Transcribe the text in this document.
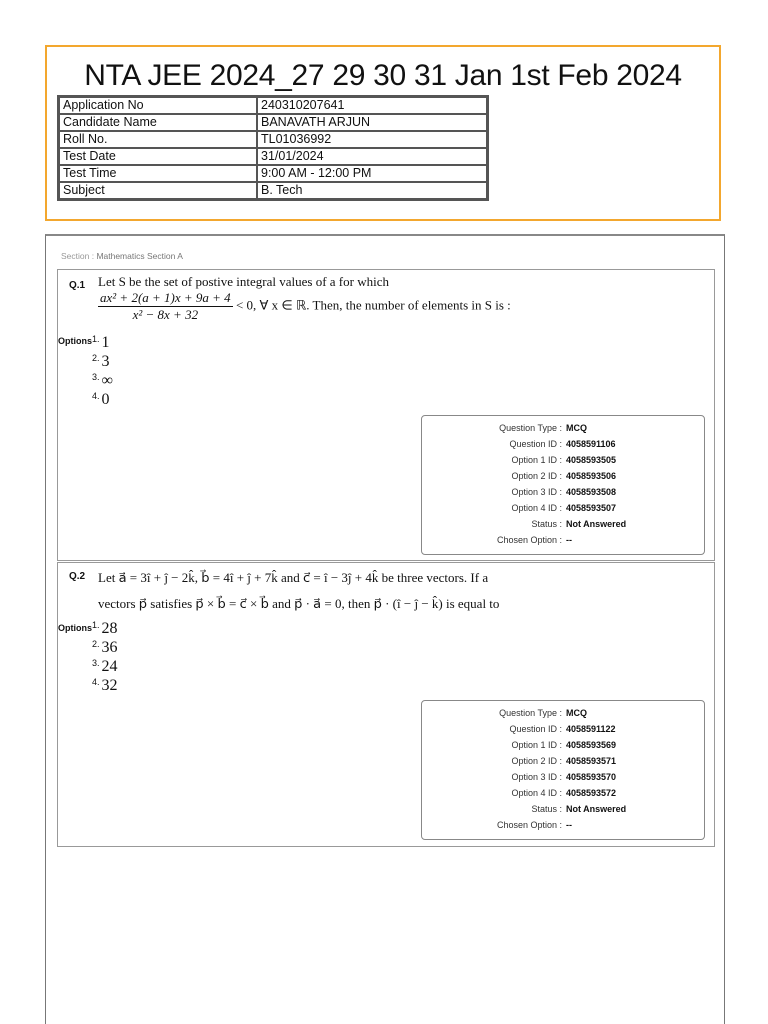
NTA JEE 2024_27 29 30 31 Jan 1st Feb 2024
Application No	240310207641
Candidate Name	BANAVATH ARJUN
Roll No.	TL01036992
Test Date	31/01/2024
Test Time	9:00 AM - 12:00 PM
Subject	B. Tech
Section : Mathematics Section A
Q.1 Let S be the set of postive integral values of a for which
$\frac{\text{ax² + 2(a + 1)x + 9a + 4}}{\text{x² − 8x + 32}} < 0$, ∀ x ∈ ℝ. Then, the number of elements in S is :
Options $^{1.}$ 1
$^{2.}$ 3
$^{3.}$ ∞
$^{4.}$ 0
Question Type : MCQ
Question ID : 4058591106
Option 1 ID : 4058593505
Option 2 ID : 4058593506
Option 3 ID : 4058593508
Option 4 ID : 4058593507
Status : Not Answered
Chosen Option : --
Q.2 Let a⃗ = 3î + ĵ − 2k̂, b⃗ = 4î + ĵ + 7k̂ and c⃗ = î − 3ĵ + 4k̂ be three vectors. If a
vectors p⃗ satisfies p⃗ × b⃗ = c⃗ × b⃗ and p⃗ · a⃗ = 0, then p⃗ · (î − ĵ − k̂) is equal to
Options $^{1.}$ 28
$^{2.}$ 36
$^{3.}$ 24
$^{4.}$ 32
Question Type : MCQ
Question ID : 4058591122
Option 1 ID : 4058593569
Option 2 ID : 4058593571
Option 3 ID : 4058593570
Option 4 ID : 4058593572
Status : Not Answered
Chosen Option : --
